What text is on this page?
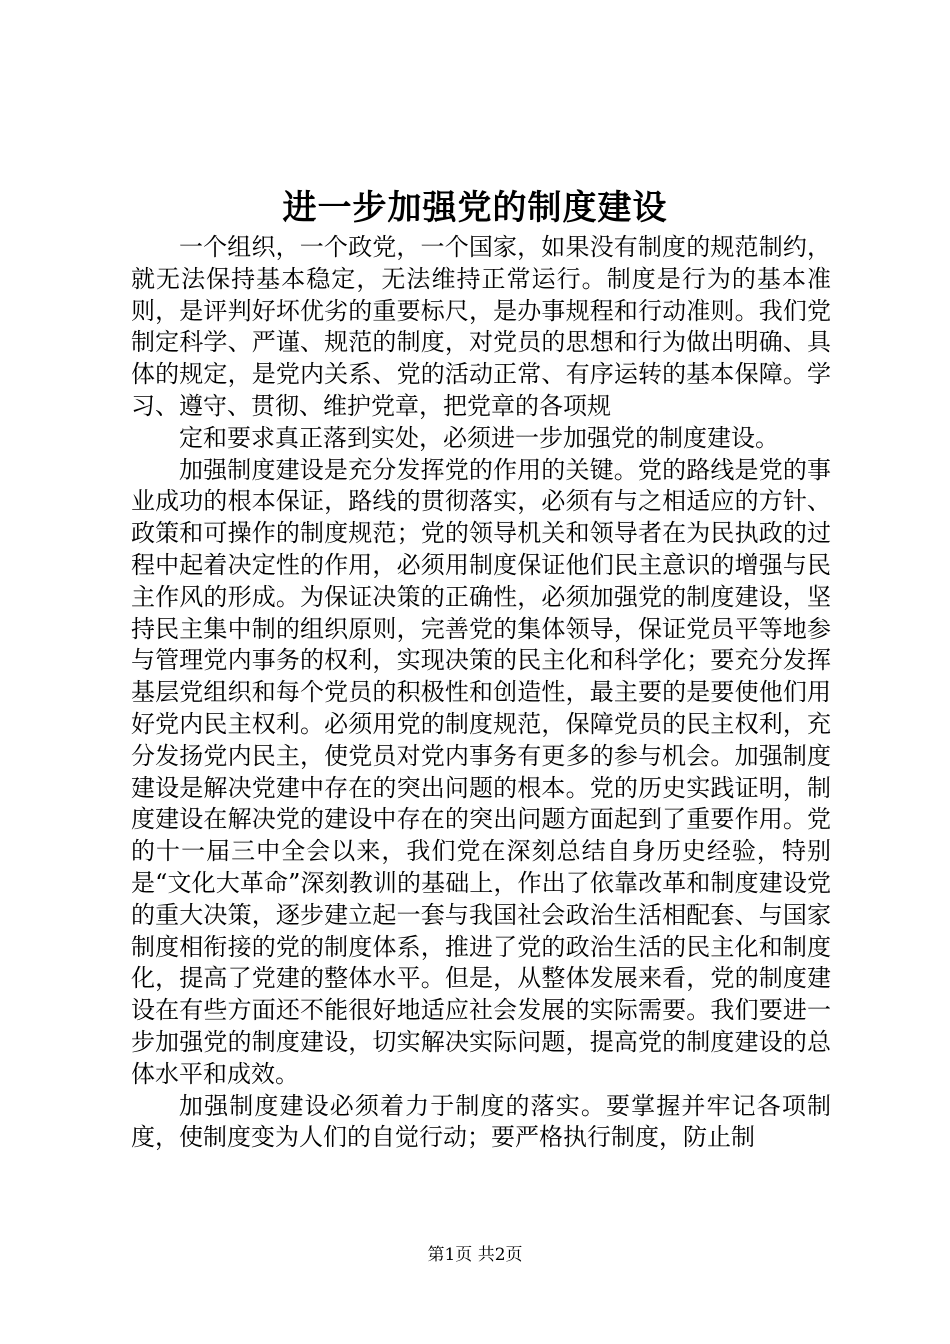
进一步加强党的制度建设

一个组织，一个政党，一个国家，如果没有制度的规范制约，就无法保持基本稳定，无法维持正常运行。制度是行为的基本准则，是评判好坏优劣的重要标尺，是办事规程和行动准则。我们党制定科学、严谨、规范的制度，对党员的思想和行为做出明确、具体的规定，是党内关系、党的活动正常、有序运转的基本保障。学习、遵守、贯彻、维护党章，把党章的各项规

定和要求真正落到实处，必须进一步加强党的制度建设。

加强制度建设是充分发挥党的作用的关键。党的路线是党的事业成功的根本保证，路线的贯彻落实，必须有与之相适应的方针、政策和可操作的制度规范；党的领导机关和领导者在为民执政的过程中起着决定性的作用，必须用制度保证他们民主意识的增强与民主作风的形成。为保证决策的正确性，必须加强党的制度建设，坚持民主集中制的组织原则，完善党的集体领导，保证党员平等地参与管理党内事务的权利，实现决策的民主化和科学化；要充分发挥基层党组织和每个党员的积极性和创造性，最主要的是要使他们用好党内民主权利。必须用党的制度规范，保障党员的民主权利，充分发扬党内民主，使党员对党内事务有更多的参与机会。加强制度建设是解决党建中存在的突出问题的根本。党的历史实践证明，制度建设在解决党的建设中存在的突出问题方面起到了重要作用。党的十一届三中全会以来，我们党在深刻总结自身历史经验，特别是“文化大革命”深刻教训的基础上，作出了依靠改革和制度建设党的重大决策，逐步建立起一套与我国社会政治生活相配套、与国家制度相衔接的党的制度体系，推进了党的政治生活的民主化和制度化，提高了党建的整体水平。但是，从整体发展来看，党的制度建设在有些方面还不能很好地适应社会发展的实际需要。我们要进一步加强党的制度建设，切实解决实际问题，提高党的制度建设的总体水平和成效。

加强制度建设必须着力于制度的落实。要掌握并牢记各项制度，使制度变为人们的自觉行动；要严格执行制度，防止制

第1页 共2页
